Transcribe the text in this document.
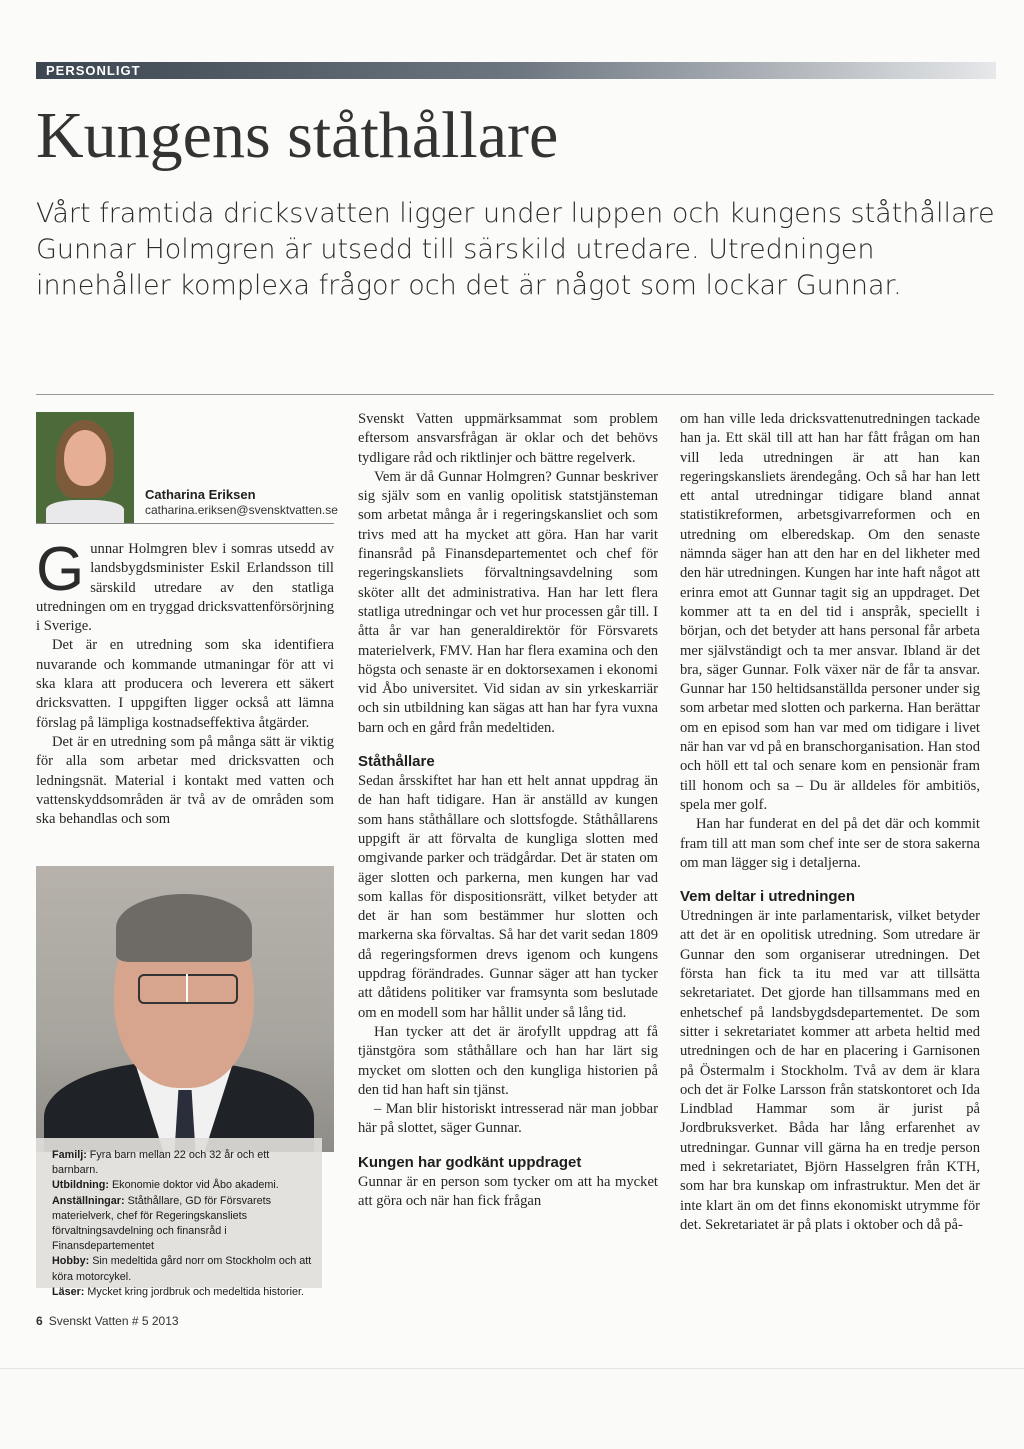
PERSONLIGT
Kungens ståthållare

Vårt framtida dricksvatten ligger under luppen och kungens ståthållare Gunnar Holmgren är utsedd till särskild utredare. Utredningen innehåller komplexa frågor och det är något som lockar Gunnar.

Catharina Eriksen
catharina.eriksen@svensktvatten.se

Gunnar Holmgren blev i somras utsedd av landsbygdsminister Eskil Erlandsson till särskild utredare av den statliga utredningen om en tryggad dricksvattenförsörjning i Sverige.

Det är en utredning som ska identifiera nuvarande och kommande utmaningar för att vi ska klara att producera och leverera ett säkert dricksvatten. I uppgiften ligger också att lämna förslag på lämpliga kostnadseffektiva åtgärder.

Det är en utredning som på många sätt är viktig för alla som arbetar med dricksvatten och ledningsnät. Material i kontakt med vatten och vattenskyddsområden är två av de områden som ska behandlas och som

Familj: Fyra barn mellan 22 och 32 år och ett barnbarn.

Utbildning: Ekonomie doktor vid Åbo akademi.

Anställningar: Ståthållare, GD för Försvarets materielverk, chef för Regeringskansliets förvaltningsavdelning och finansråd i Finansdepartementet

Hobby: Sin medeltida gård norr om Stockholm och att köra motorcykel.

Läser: Mycket kring jordbruk och medeltida historier.

Svenskt Vatten uppmärksammat som problem eftersom ansvarsfrågan är oklar och det behövs tydligare råd och riktlinjer och bättre regelverk.

Vem är då Gunnar Holmgren? Gunnar beskriver sig själv som en vanlig opolitisk statstjänsteman som arbetat många år i regeringskansliet och som trivs med att ha mycket att göra. Han har varit finansråd på Finansdepartementet och chef för regeringskansliets förvaltningsavdelning som sköter allt det administrativa. Han har lett flera statliga utredningar och vet hur processen går till. I åtta år var han generaldirektör för Försvarets materielverk, FMV. Han har flera examina och den högsta och senaste är en doktorsexamen i ekonomi vid Åbo universitet. Vid sidan av sin yrkeskarriär och sin utbildning kan sägas att han har fyra vuxna barn och en gård från medeltiden.

Ståthållare

Sedan årsskiftet har han ett helt annat uppdrag än de han haft tidigare. Han är anställd av kungen som hans ståthållare och slottsfogde. Ståthållarens uppgift är att förvalta de kungliga slotten med omgivande parker och trädgårdar. Det är staten om äger slotten och parkerna, men kungen har vad som kallas för dispositionsrätt, vilket betyder att det är han som bestämmer hur slotten och markerna ska förvaltas. Så har det varit sedan 1809 då regeringsformen drevs igenom och kungens uppdrag förändrades. Gunnar säger att han tycker att dåtidens politiker var framsynta som beslutade om en modell som har hållit under så lång tid.

Han tycker att det är ärofyllt uppdrag att få tjänstgöra som ståthållare och han har lärt sig mycket om slotten och den kungliga historien på den tid han haft sin tjänst.

– Man blir historiskt intresserad när man jobbar här på slottet, säger Gunnar.

Kungen har godkänt uppdraget

Gunnar är en person som tycker om att ha mycket att göra och när han fick frågan

om han ville leda dricksvattenutredningen tackade han ja. Ett skäl till att han har fått frågan om han vill leda utredningen är att han kan regeringskansliets ärendegång. Och så har han lett ett antal utredningar tidigare bland annat statistikreformen, arbetsgivarreformen och en utredning om elberedskap. Om den senaste nämnda säger han att den har en del likheter med den här utredningen. Kungen har inte haft något att erinra emot att Gunnar tagit sig an uppdraget. Det kommer att ta en del tid i anspråk, speciellt i början, och det betyder att hans personal får arbeta mer självständigt och ta mer ansvar. Ibland är det bra, säger Gunnar. Folk växer när de får ta ansvar. Gunnar har 150 heltidsanställda personer under sig som arbetar med slotten och parkerna. Han berättar om en episod som han var med om tidigare i livet när han var vd på en branschorganisation. Han stod och höll ett tal och senare kom en pensionär fram till honom och sa – Du är alldeles för ambitiös, spela mer golf.

Han har funderat en del på det där och kommit fram till att man som chef inte ser de stora sakerna om man lägger sig i detaljerna.

Vem deltar i utredningen

Utredningen är inte parlamentarisk, vilket betyder att det är en opolitisk utredning. Som utredare är Gunnar den som organiserar utredningen. Det första han fick ta itu med var att tillsätta sekretariatet. Det gjorde han tillsammans med en enhetschef på landsbygdsdepartementet. De som sitter i sekretariatet kommer att arbeta heltid med utredningen och de har en placering i Garnisonen på Östermalm i Stockholm. Två av dem är klara och det är Folke Larsson från statskontoret och Ida Lindblad Hammar som är jurist på Jordbruksverket. Båda har lång erfarenhet av utredningar. Gunnar vill gärna ha en tredje person med i sekretariatet, Björn Hasselgren från KTH, som har bra kunskap om infrastruktur. Men det är inte klart än om det finns ekonomiskt utrymme för det. Sekretariatet är på plats i oktober och då på-

6 Svenskt Vatten # 5 2013
